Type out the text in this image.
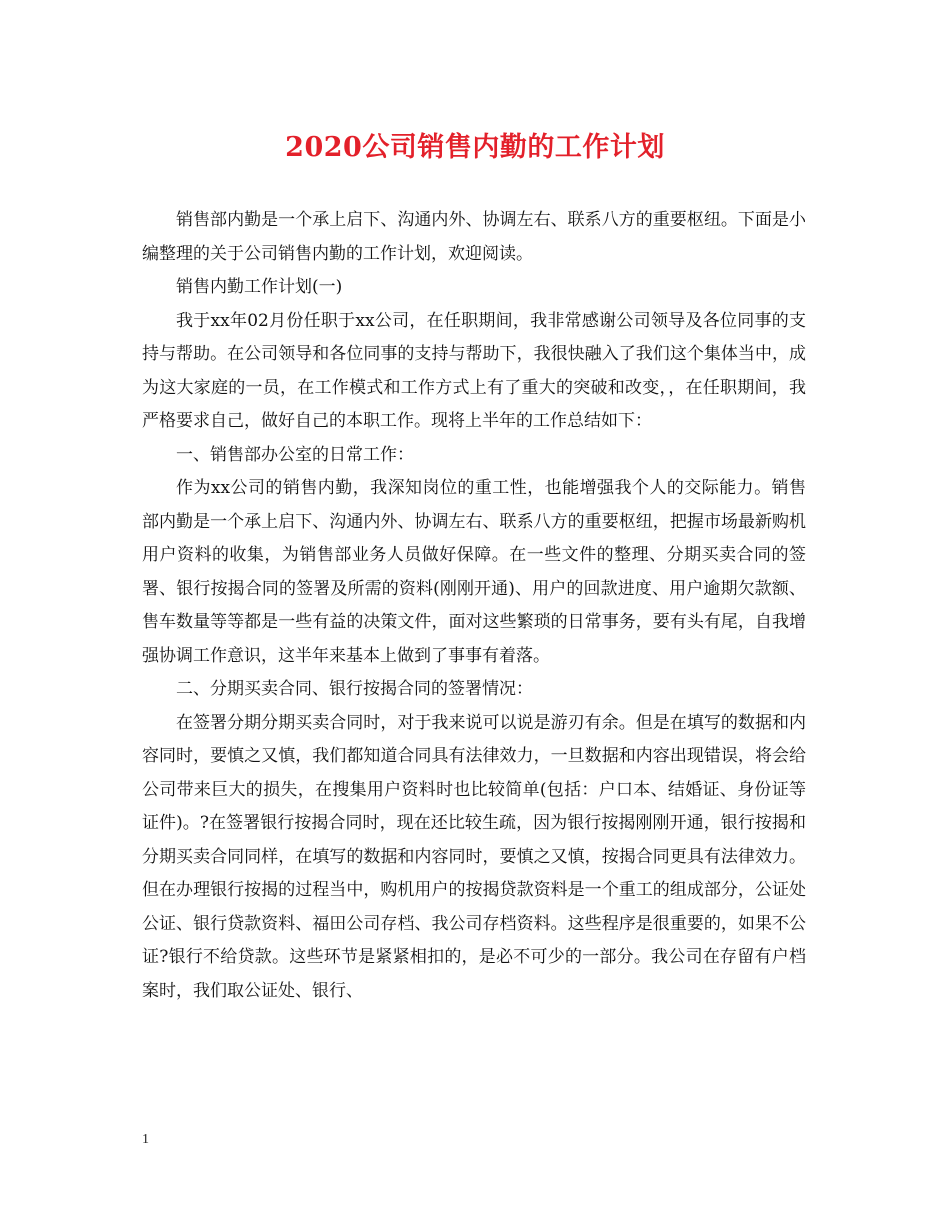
2020公司销售内勤的工作计划

销售部内勤是一个承上启下、沟通内外、协调左右、联系八方的重要枢纽。下面是小编整理的关于公司销售内勤的工作计划，欢迎阅读。

销售内勤工作计划(一)

我于xx年02月份任职于xx公司，在任职期间，我非常感谢公司领导及各位同事的支持与帮助。在公司领导和各位同事的支持与帮助下，我很快融入了我们这个集体当中，成为这大家庭的一员，在工作模式和工作方式上有了重大的突破和改变，，在任职期间，我严格要求自己，做好自己的本职工作。现将上半年的工作总结如下：

一、销售部办公室的日常工作：

作为xx公司的销售内勤，我深知岗位的重工性，也能增强我个人的交际能力。销售部内勤是一个承上启下、沟通内外、协调左右、联系八方的重要枢纽，把握市场最新购机用户资料的收集，为销售部业务人员做好保障。在一些文件的整理、分期买卖合同的签署、银行按揭合同的签署及所需的资料(刚刚开通)、用户的回款进度、用户逾期欠款额、售车数量等等都是一些有益的决策文件，面对这些繁琐的日常事务，要有头有尾，自我增强协调工作意识，这半年来基本上做到了事事有着落。

二、分期买卖合同、银行按揭合同的签署情况：

在签署分期分期买卖合同时，对于我来说可以说是游刃有余。但是在填写的数据和内容同时，要慎之又慎，我们都知道合同具有法律效力，一旦数据和内容出现错误，将会给公司带来巨大的损失，在搜集用户资料时也比较简单(包括：户口本、结婚证、身份证等证件)。?在签署银行按揭合同时，现在还比较生疏，因为银行按揭刚刚开通，银行按揭和分期买卖合同同样，在填写的数据和内容同时，要慎之又慎，按揭合同更具有法律效力。但在办理银行按揭的过程当中，购机用户的按揭贷款资料是一个重工的组成部分，公证处公证、银行贷款资料、福田公司存档、我公司存档资料。这些程序是很重要的，如果不公证?银行不给贷款。这些环节是紧紧相扣的，是必不可少的一部分。我公司在存留有户档案时，我们取公证处、银行、

1
